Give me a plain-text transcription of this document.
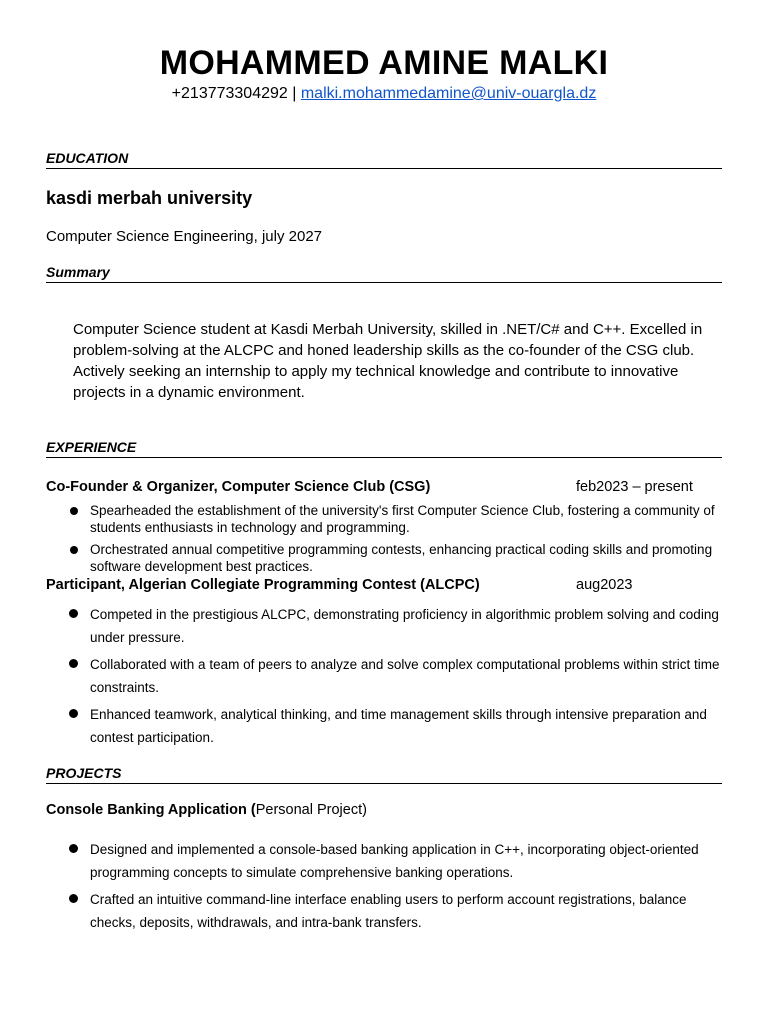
MOHAMMED AMINE MALKI
+213773304292 | malki.mohammedamine@univ-ouargla.dz
EDUCATION
kasdi merbah university
Computer Science Engineering, july 2027
Summary
Computer Science student at Kasdi Merbah University, skilled in .NET/C# and C++. Excelled in problem-solving at the ALCPC and honed leadership skills as the co-founder of the CSG club. Actively seeking an internship to apply my technical knowledge and contribute to innovative projects in a dynamic environment.
EXPERIENCE
Co-Founder & Organizer, Computer Science Club (CSG)	feb2023 – present
Spearheaded the establishment of the university's first Computer Science Club, fostering a community of students enthusiasts in technology and programming.
Orchestrated annual competitive programming contests, enhancing practical coding skills and promoting software development best practices.
Participant, Algerian Collegiate Programming Contest (ALCPC)	aug2023
Competed in the prestigious ALCPC, demonstrating proficiency in algorithmic problem solving and coding under pressure.
Collaborated with a team of peers to analyze and solve complex computational problems within strict time constraints.
Enhanced teamwork, analytical thinking, and time management skills through intensive preparation and contest participation.
PROJECTS
Console Banking Application (Personal Project)
Designed and implemented a console-based banking application in C++, incorporating object-oriented programming concepts to simulate comprehensive banking operations.
Crafted an intuitive command-line interface enabling users to perform account registrations, balance checks, deposits, withdrawals, and intra-bank transfers.
